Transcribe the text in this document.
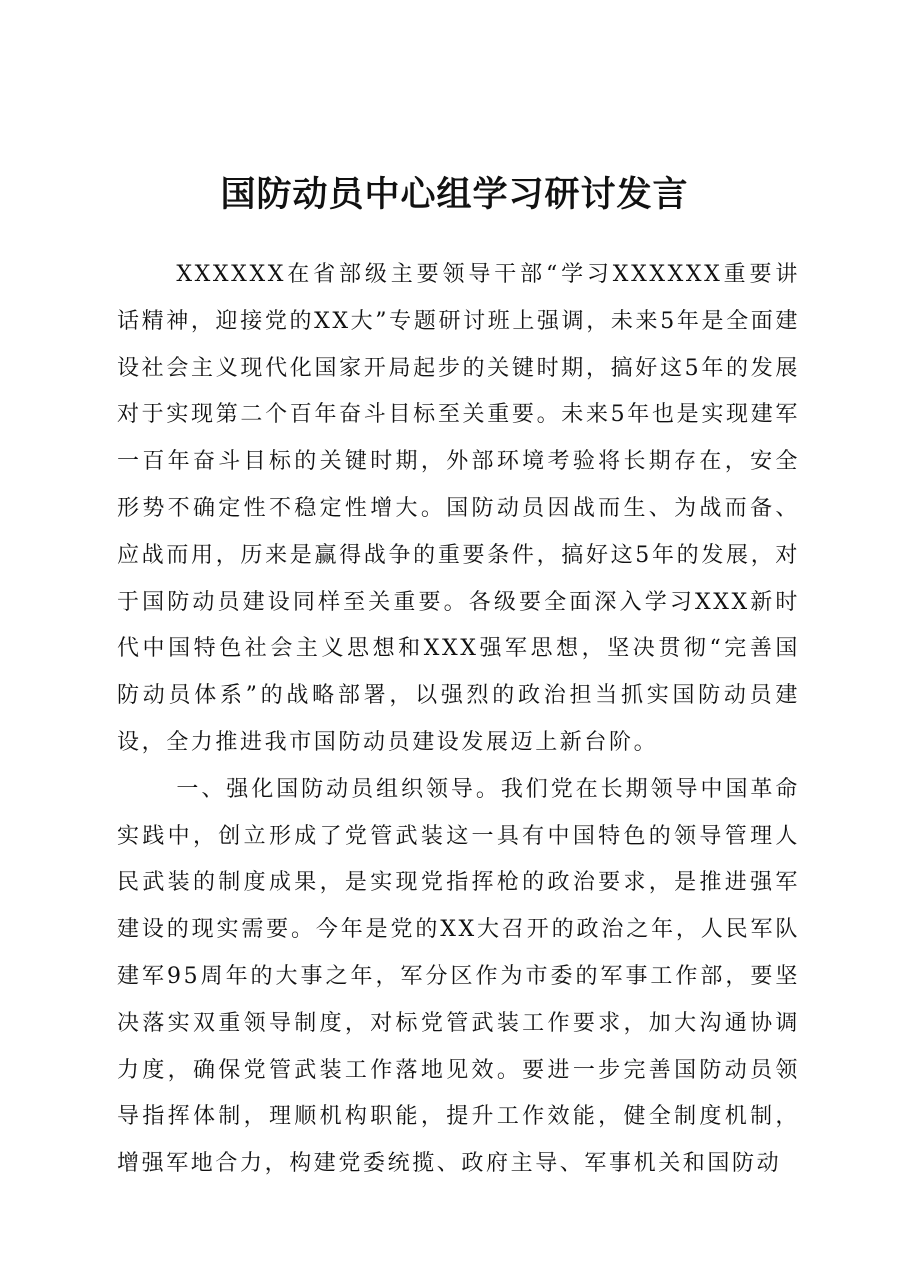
国防动员中心组学习研讨发言

XXXXXX在省部级主要领导干部“学习XXXXXX重要讲话精神，迎接党的XX大”专题研讨班上强调，未来5年是全面建设社会主义现代化国家开局起步的关键时期，搞好这5年的发展对于实现第二个百年奋斗目标至关重要。未来5年也是实现建军一百年奋斗目标的关键时期，外部环境考验将长期存在，安全形势不确定性不稳定性增大。国防动员因战而生、为战而备、应战而用，历来是赢得战争的重要条件，搞好这5年的发展，对于国防动员建设同样至关重要。各级要全面深入学习XXX新时代中国特色社会主义思想和XXX强军思想，坚决贯彻“完善国防动员体系”的战略部署，以强烈的政治担当抓实国防动员建设，全力推进我市国防动员建设发展迈上新台阶。

一、强化国防动员组织领导。我们党在长期领导中国革命实践中，创立形成了党管武装这一具有中国特色的领导管理人民武装的制度成果，是实现党指挥枪的政治要求，是推进强军建设的现实需要。今年是党的XX大召开的政治之年，人民军队建军95周年的大事之年，军分区作为市委的军事工作部，要坚决落实双重领导制度，对标党管武装工作要求，加大沟通协调力度，确保党管武装工作落地见效。要进一步完善国防动员领导指挥体制，理顺机构职能，提升工作效能，健全制度机制，增强军地合力，构建党委统揽、政府主导、军事机关和国防动
